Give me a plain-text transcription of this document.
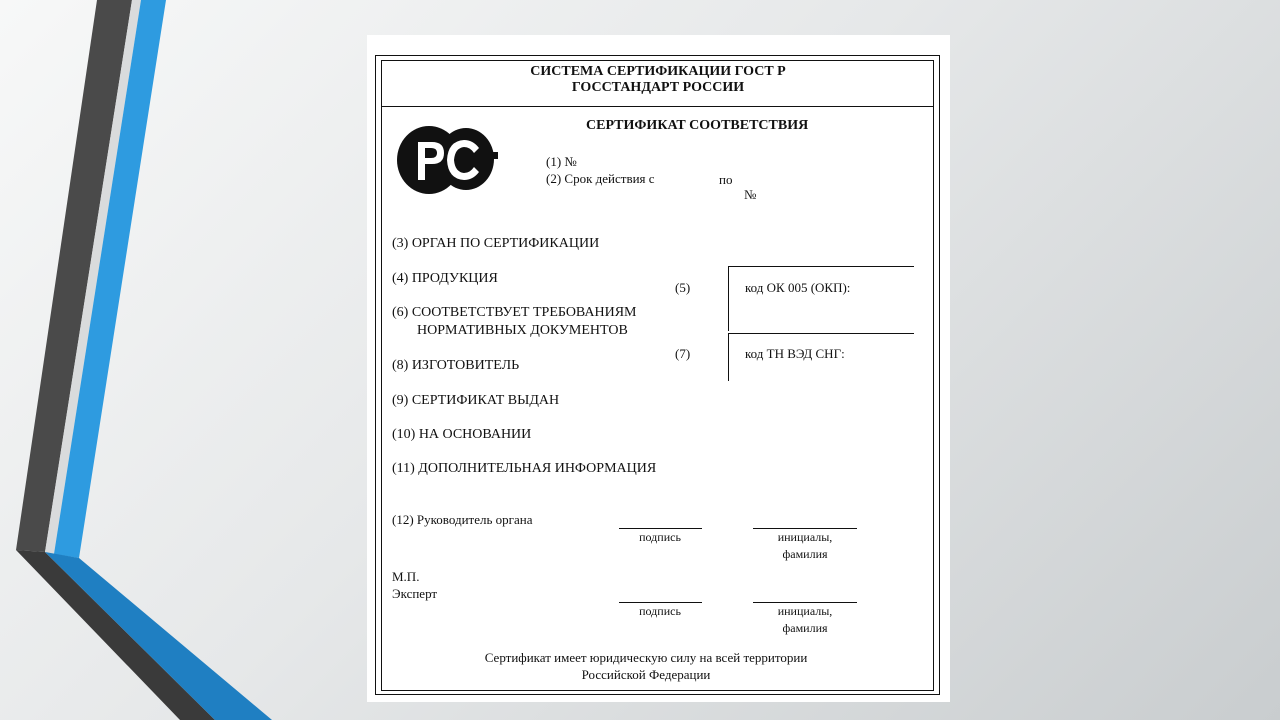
СИСТЕМА СЕРТИФИКАЦИИ ГОСТ Р
ГОССТАНДАРТ РОССИИ
СЕРТИФИКАТ СООТВЕТСТВИЯ
(1) №
(2) Срок действия с	по
№
(3) ОРГАН ПО СЕРТИФИКАЦИИ
(4) ПРОДУКЦИЯ
(5)	код ОК 005 (ОКП):
(6) СООТВЕТСТВУЕТ ТРЕБОВАНИЯМ
НОРМАТИВНЫХ ДОКУМЕНТОВ
(7)	код ТН ВЭД СНГ:
(8) ИЗГОТОВИТЕЛЬ
(9) СЕРТИФИКАТ ВЫДАН
(10) НА ОСНОВАНИИ
(11) ДОПОЛНИТЕЛЬНАЯ ИНФОРМАЦИЯ
(12) Руководитель органа
подпись	инициалы,
фамилия
М.П.
Эксперт
подпись	инициалы,
фамилия
Сертификат имеет юридическую силу на всей территории
Российской Федерации
